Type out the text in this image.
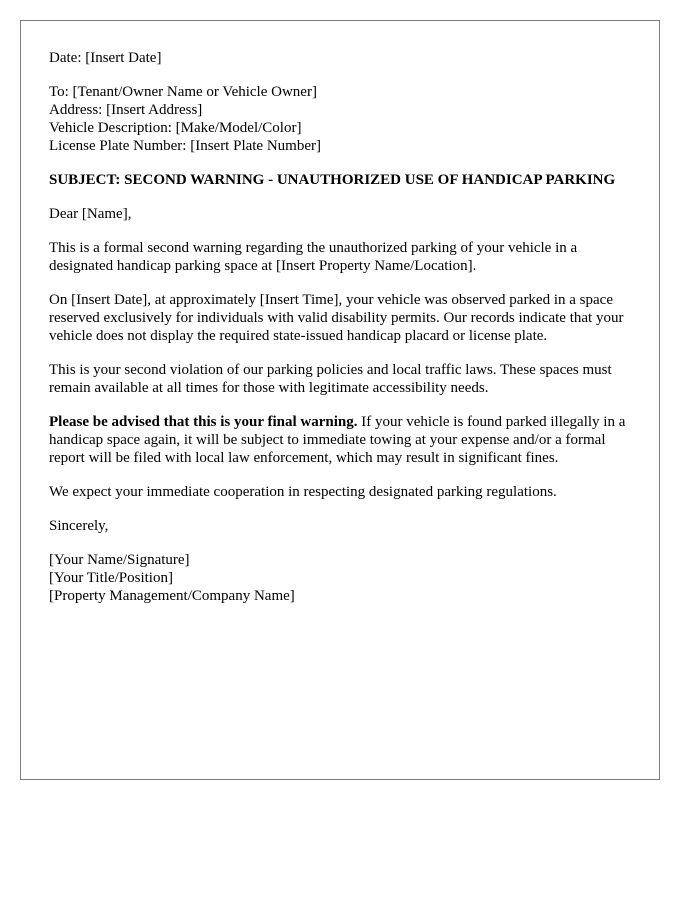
Date: [Insert Date]
To: [Tenant/Owner Name or Vehicle Owner]
Address: [Insert Address]
Vehicle Description: [Make/Model/Color]
License Plate Number: [Insert Plate Number]
SUBJECT: SECOND WARNING - UNAUTHORIZED USE OF HANDICAP PARKING

Dear [Name],

This is a formal second warning regarding the unauthorized parking of your vehicle in a designated handicap parking space at [Insert Property Name/Location].

On [Insert Date], at approximately [Insert Time], your vehicle was observed parked in a space reserved exclusively for individuals with valid disability permits. Our records indicate that your vehicle does not display the required state-issued handicap placard or license plate.

This is your second violation of our parking policies and local traffic laws. These spaces must remain available at all times for those with legitimate accessibility needs.

Please be advised that this is your final warning. If your vehicle is found parked illegally in a handicap space again, it will be subject to immediate towing at your expense and/or a formal report will be filed with local law enforcement, which may result in significant fines.

We expect your immediate cooperation in respecting designated parking regulations.

Sincerely,

[Your Name/Signature]
[Your Title/Position]
[Property Management/Company Name]
